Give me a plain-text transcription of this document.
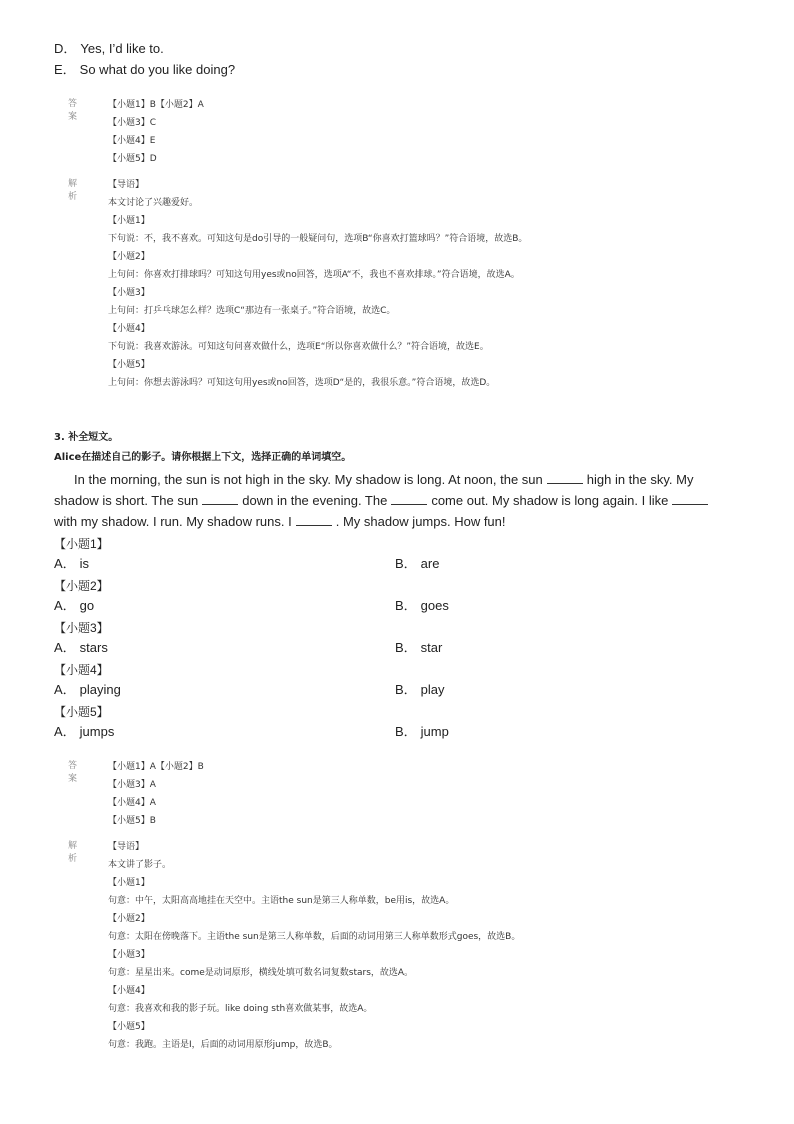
D． Yes, I’d like to.
E． So what do you like doing?
答案
【小题1】B【小题2】A
【小题3】C
【小题4】E
【小题5】D
解析
【导语】
本文讨论了兴趣爱好。
【小题1】
下句说：不，我不喜欢。可知这句是do引导的一般疑问句，选项B“你喜欢打篮球吗？”符合语境，故选B。
【小题2】
上句问：你喜欢打排球吗？可知这句用yes或no回答，选项A“不，我也不喜欢排球。”符合语境，故选A。
【小题3】
上句问：打乒乓球怎么样？选项C“那边有一张桌子。”符合语境，故选C。
【小题4】
下句说：我喜欢游泳。可知这句问喜欢做什么，选项E“所以你喜欢做什么？”符合语境，故选E。
【小题5】
上句问：你想去游泳吗？可知这句用yes或no回答，选项D“是的，我很乐意。”符合语境，故选D。
3. 补全短文。
Alice在描述自己的影子。请你根据上下文，选择正确的单词填空。
In the morning, the sun is not high in the sky. My shadow is long. At noon, the sun	high in the sky. My shadow is short. The sun	down in the evening. The	come out. My shadow is long again. I likewith my shadow. I run. My shadow runs. I	. My shadow jumps. How fun!
【小题1】
A． is	B． are
【小题2】
A． go	B． goes
【小题3】
A． stars	B． star
【小题4】
A． playing	B． play
【小题5】
A． jumps	B． jump
答案
【小题1】A【小题2】B
【小题3】A
【小题4】A
【小题5】B
解析
【导语】
本文讲了影子。
【小题1】
句意：中午，太阳高高地挂在天空中。主语the sun是第三人称单数，be用is，故选A。
【小题2】
句意：太阳在傍晚落下。主语the sun是第三人称单数，后面的动词用第三人称单数形式goes，故选B。
【小题3】
句意：星星出来。come是动词原形，横线处填可数名词复数stars，故选A。
【小题4】
句意：我喜欢和我的影子玩。like doing sth喜欢做某事，故选A。
【小题5】
句意：我跑。主语是I，后面的动词用原形jump，故选B。
